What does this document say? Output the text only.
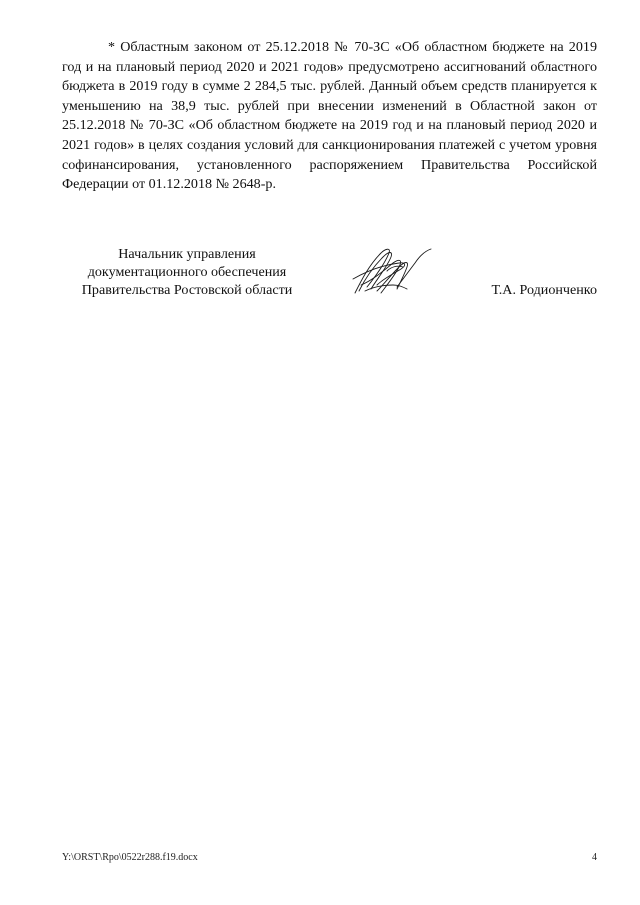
* Областным законом от 25.12.2018 № 70-ЗС «Об областном бюджете на 2019 год и на плановый период 2020 и 2021 годов» предусмотрено ассигнований областного бюджета в 2019 году в сумме 2 284,5 тыс. рублей. Данный объем средств планируется к уменьшению на 38,9 тыс. рублей при внесении изменений в Областной закон от 25.12.2018 № 70-ЗС «Об областном бюджете на 2019 год и на плановый период 2020 и 2021 годов» в целях создания условий для санкционирования платежей с учетом уровня софинансирования, установленного распоряжением Правительства Российской Федерации от 01.12.2018 № 2648-р.

Начальник управления
документационного обеспечения
Правительства Ростовской области	Т.А. Родионченко
Y:\ORST\Rpo\0522r288.f19.docx	4
